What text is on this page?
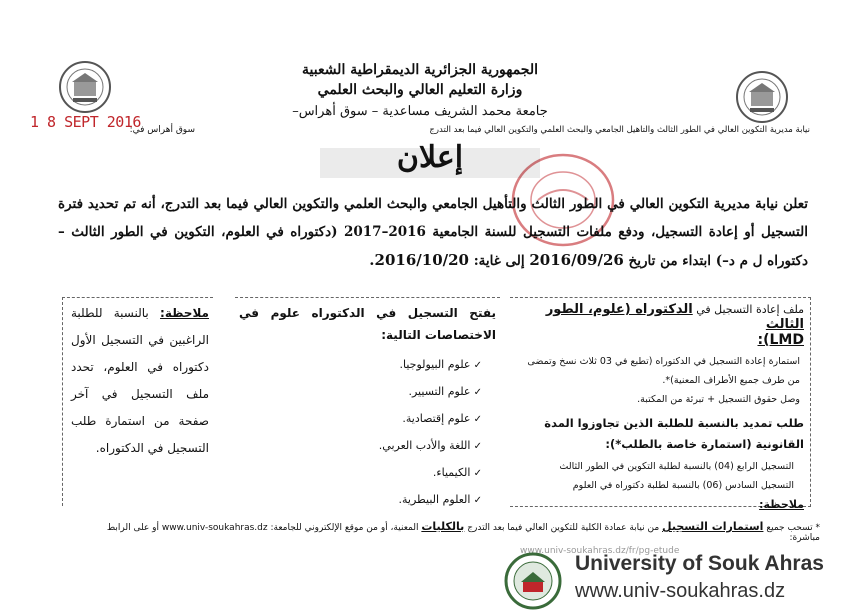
الجمهورية الجزائرية الديمقراطية الشعبية
وزارة التعليم العالي والبحث العلمي
جامعة محمد الشريف مساعدية – سوق أهراس–
نيابة مديرية التكوين العالي في الطور الثالث والتأهيل الجامعي والبحث العلمي والتكوين العالي فيما بعد التدرج
سوق أهراس في:
1 8 SEPT 2016
إعلان
تعلن نيابة مديرية التكوين العالي في الطور الثالث والتأهيل الجامعي والبحث العلمي والتكوين العالي فيما بعد التدرج، أنه تم تحديد فترة التسجيل أو إعادة التسجيل، ودفع ملفات التسجيل للسنة الجامعية 2016–2017 (دكتوراه في العلوم، التكوين في الطور الثالث – دكتوراه ل م د–) ابتداء من تاريخ 2016/09/26 إلى غاية: 2016/10/20.
ملف إعادة التسجيل في الدكتوراه (علوم، الطور الثالث
LMD):
استمارة إعادة التسجيل في الدكتوراه (تطبع في 03 ثلاث نسخ وتمضى من طرف جميع الأطراف المعنية)*.
وصل حقوق التسجيل + تبرئة من المكتبة.
طلب تمديد بالنسبة للطلبة الذين تجاوزوا المدة القانونية (استمارة خاصة بالطلب*):
التسجيل الرابع (04) بالنسبة لطلبة التكوين في الطور الثالث
التسجيل السادس (06) بالنسبة لطلبة دكتوراه في العلوم
ملاحظة:
يفتح التسجيل في الدكتوراه علوم في الاختصاصات التالية:
✓ علوم البيولوجيا.
✓ علوم التسيير.
✓ علوم إقتصادية.
✓ اللغة والأدب العربي.
✓ الكيمياء.
✓ العلوم البيطرية.
ملاحظة: بالنسبة للطلبة الراغبين في التسجيل الأول دكتوراه في العلوم، تحدد ملف التسجيل في آخر صفحة من استمارة طلب التسجيل في الدكتوراه.
* تسحب جميع استمارات التسجيل من نيابة عمادة الكلية للتكوين العالي فيما بعد التدرج بالكليات المعنية، أو من موقع الإلكتروني للجامعة: www.univ-soukahras.dz أو على الرابط مباشرة:
www.univ-soukahras.dz/fr/pg-etude
University of Souk Ahras
www.univ-soukahras.dz
